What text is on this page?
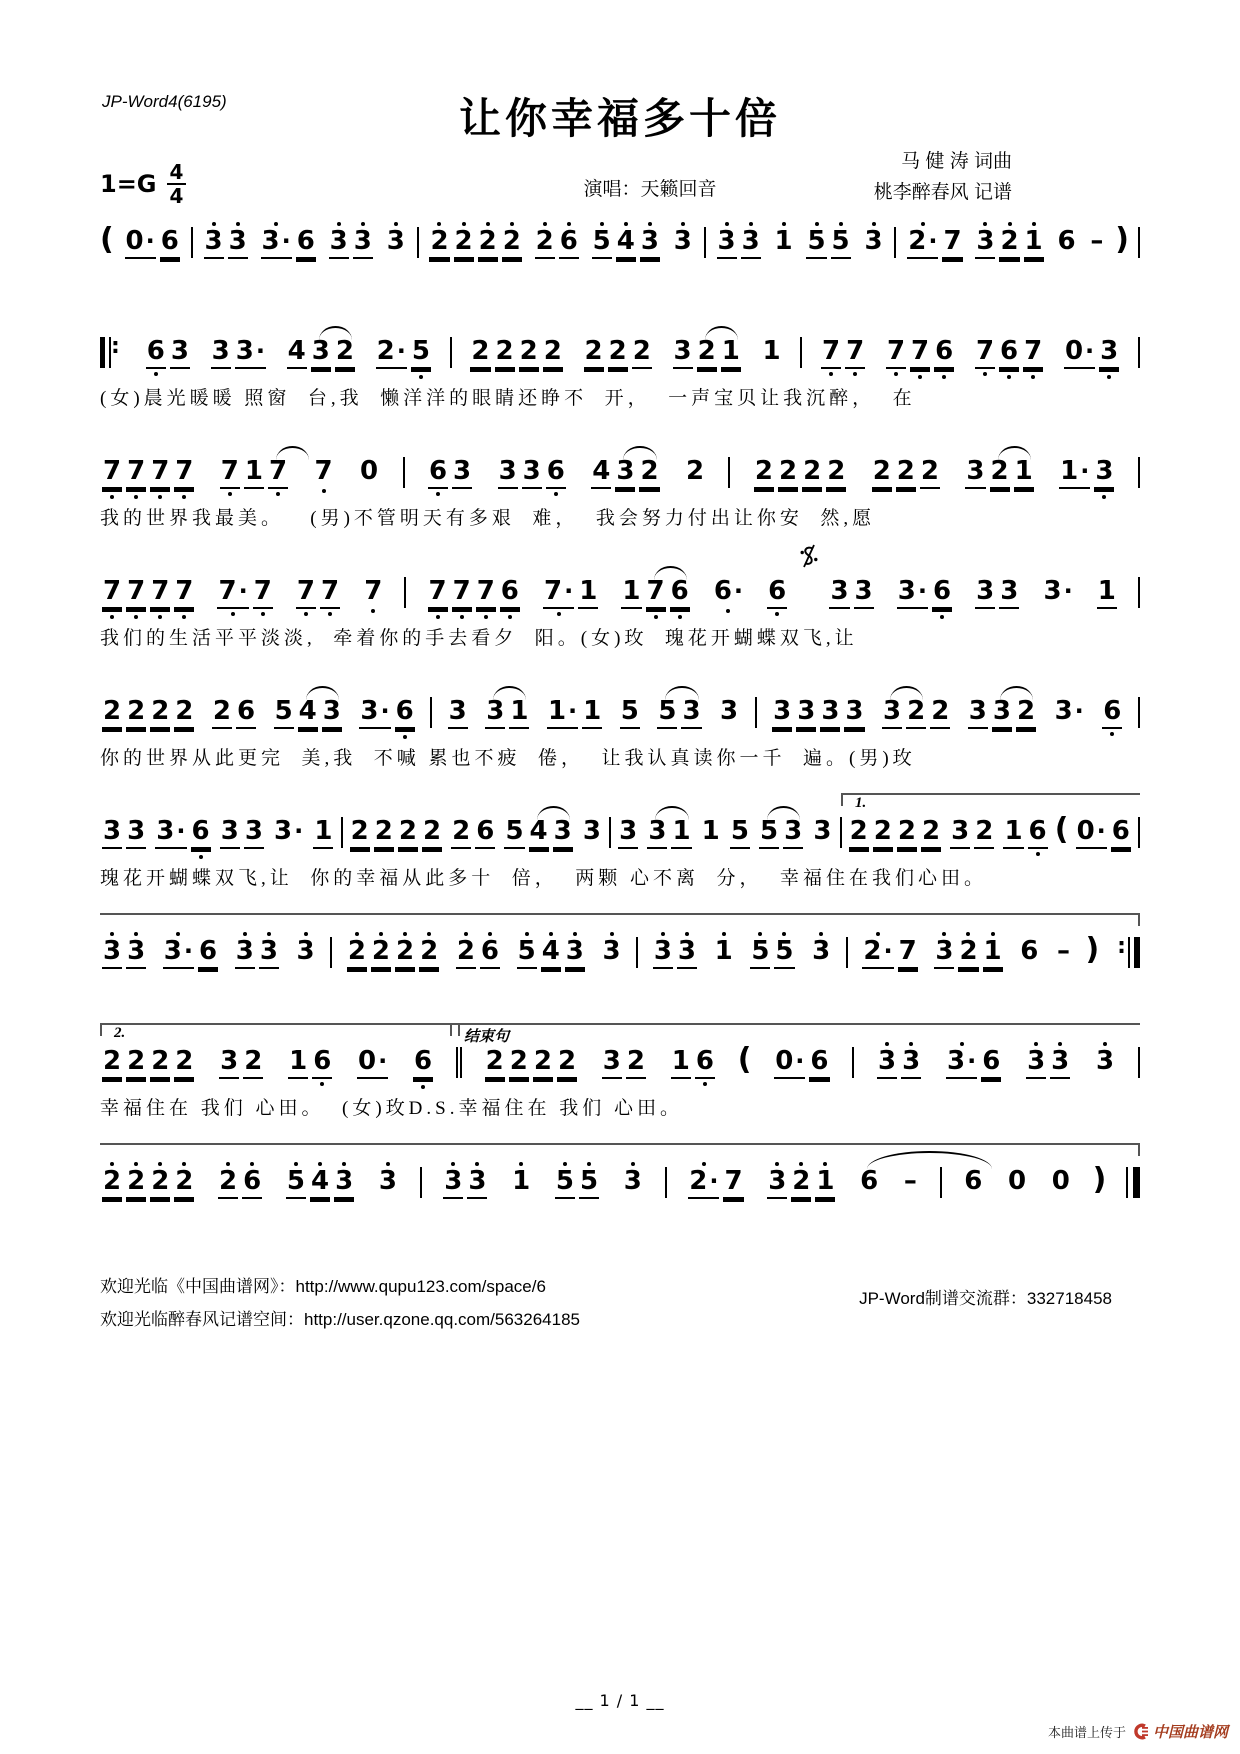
JP-Word4(6195)	让你幸福多十倍
马 健 涛 词曲
桃李醉春风 记谱
演唱：天籁回音
$1=G \frac{4}{4}$
( 0 · 6 3 3 3 · 6 3 3 3 2 2 2 2 2 6 5 4 3 3 3 3 1 5 5 3 2 · 7 3 2 1 6 – )
:
6 3 3 3 · 4 3 2 2 · 5 2 2 2 2 2 2 2 3 2 1 1 7 7 7 7 6 7 6 7 0 · 3
(女)晨光暖暖 照窗  台,我  懒洋洋的眼睛还睁不  开，  一声宝贝让我沉醉，  在
7 7 7 7 7 1 7 7 0 6 3 3 3 6 4 3 2 2 2 2 2 2 2 2 2 3 2 1 1 · 3
我的世界我最美。   (男)不管明天有多艰  难，  我会努力付出让你安  然,愿
7 7 7 7 7 · 7 7 7 7 7 7 7 6 7 · 1 1 7 6 6 · 6 3 3 3 · 6 3 3 3 · 1
我们的生活平平淡淡,  牵着你的手去看夕  阳。(女)玫  瑰花开蝴蝶双飞,让
2 2 2 2 2 6 5 4 3 3 · 6 3 3 1 1 · 1 5 5 3 3 3 3 3 3 3 2 2 3 3 2 3 · 6
你的世界从此更完  美,我  不喊 累也不疲  倦，  让我认真读你一千  遍。(男)玫
3 3 3 · 6 3 3 3 · 1 2 2 2 2 2 6 5 4 3 3 3 3 1 1 5 5 3 3 2 2 2 2 3 2 1 6 ( 0 · 6
1.
瑰花开蝴蝶双飞,让  你的幸福从此多十  倍，  两颗 心不离  分，  幸福住在我们心田。
3 3 3 · 6 3 3 3 2 2 2 2 2 6 5 4 3 3 3 3 1 5 5 3 2 · 7 3 2 1 6 – )
:
2 2 2 2 3 2 1 6 0 · 6 2 2 2 2 3 2 1 6 ( 0 · 6 3 3 3 · 6 3 3 3
2.	结束句
幸福住在 我们 心田。  (女)玫D.S.幸福住在 我们 心田。
2 2 2 2 2 6 5 4 3 3 3 3 1 5 5 3 2 · 7 3 2 1 6 – 6 0 0 )
欢迎光临《中国曲谱网》：http://www.qupu123.com/space/6
欢迎光临醉春风记谱空间：http://user.qzone.qq.com/563264185
JP-Word制谱交流群：332718458
__ 1 / 1 __
本曲谱上传于 中国曲谱网
